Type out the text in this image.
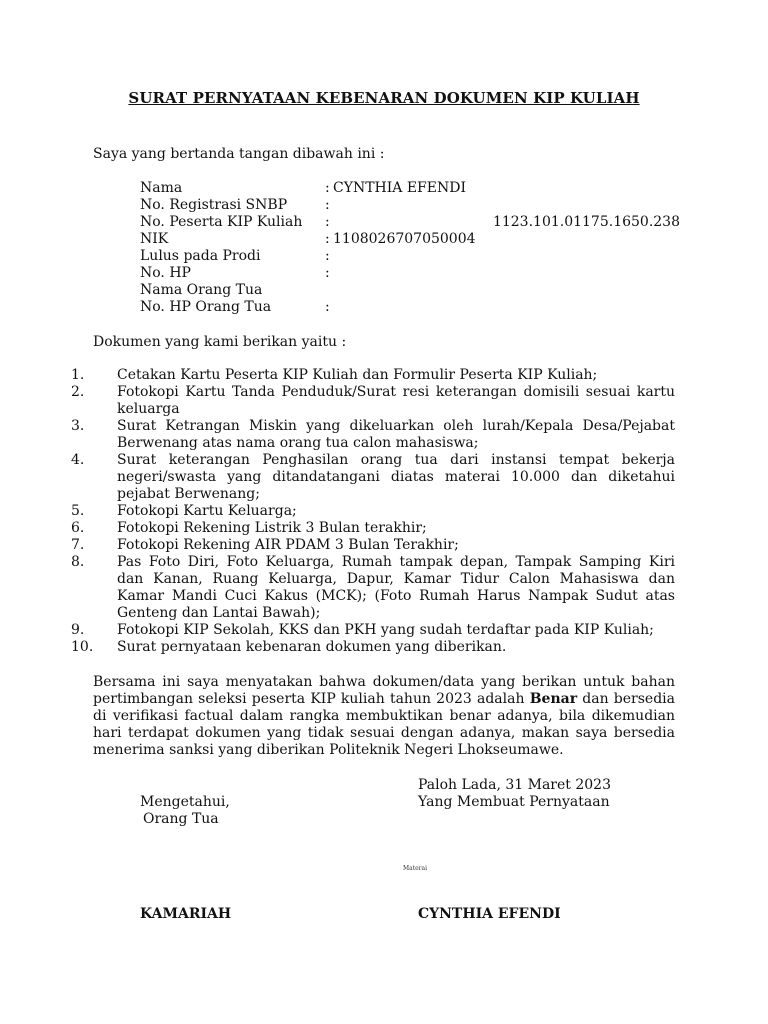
SURAT PERNYATAAN KEBENARAN DOKUMEN KIP KULIAH
Saya yang bertanda tangan dibawah ini :
Nama	: CYNTHIA EFENDI
No. Registrasi SNBP	:
No. Peserta KIP Kuliah :	1123.101.01175.1650.238
NIK	: 1108026707050004
Lulus pada Prodi	:
No. HP	:
Nama Orang Tua
No. HP Orang Tua	:
Dokumen yang kami berikan yaitu :
1.	Cetakan Kartu Peserta KIP Kuliah dan Formulir Peserta KIP Kuliah;
2.	Fotokopi Kartu Tanda Penduduk/Surat resi keterangan domisili sesuai kartu keluarga
3.	Surat Ketrangan Miskin yang dikeluarkan oleh lurah/Kepala Desa/Pejabat Berwenang atas nama orang tua calon mahasiswa;
4.	Surat keterangan Penghasilan orang tua dari instansi tempat bekerja negeri/swasta yang ditandatangani diatas materai 10.000 dan diketahui pejabat Berwenang;
5.	Fotokopi Kartu Keluarga;
6.	Fotokopi Rekening Listrik 3 Bulan terakhir;
7.	Fotokopi Rekening AIR PDAM 3 Bulan Terakhir;
8.	Pas Foto Diri, Foto Keluarga, Rumah tampak depan, Tampak Samping Kiri dan Kanan, Ruang Keluarga, Dapur, Kamar Tidur Calon Mahasiswa dan Kamar Mandi Cuci Kakus (MCK); (Foto Rumah Harus Nampak Sudut atas Genteng dan Lantai Bawah);
9.	Fotokopi KIP Sekolah, KKS dan PKH yang sudah terdaftar pada KIP Kuliah;
10.	Surat pernyataan kebenaran dokumen yang diberikan.

Bersama ini saya menyatakan bahwa dokumen/data yang berikan untuk bahan pertimbangan seleksi peserta KIP kuliah tahun 2023 adalah Benar dan bersedia di verifikasi factual dalam rangka membuktikan benar adanya, bila dikemudian hari terdapat dokumen yang tidak sesuai dengan adanya, makan saya bersedia menerima sanksi yang diberikan Politeknik Negeri Lhokseumawe.

Paloh Lada, 31 Maret 2023
Yang Membuat Pernyataan
Mengetahui,
Orang Tua
Materai
KAMARIAH	CYNTHIA EFENDI
